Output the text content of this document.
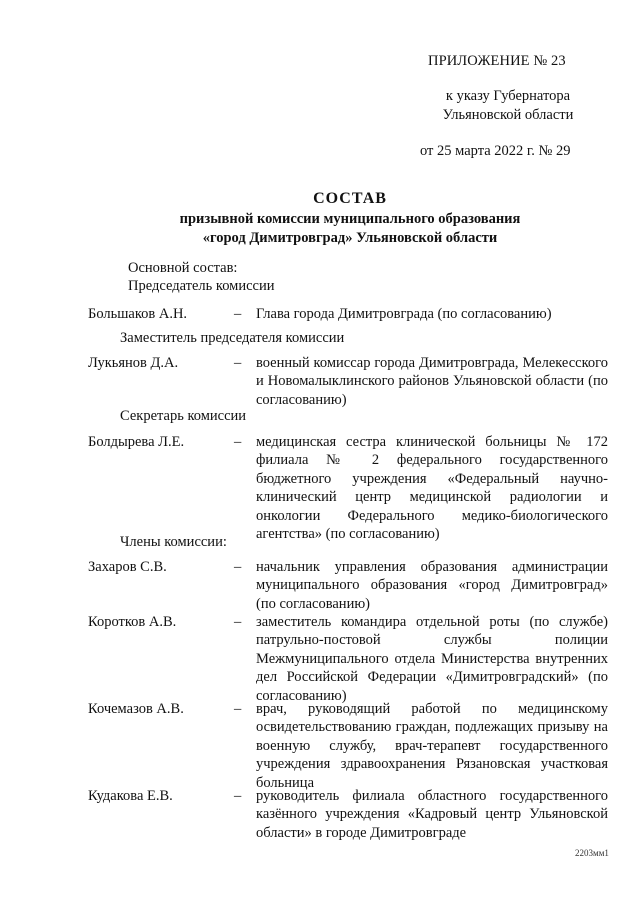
ПРИЛОЖЕНИЕ № 23
к указу Губернатора
Ульяновской области
от 25 марта 2022 г. № 29
СОСТАВ
призывной комиссии муниципального образования
«город Димитровград» Ульяновской области
Основной состав:
Председатель комиссии
Большаков А.Н.	– Глава города Димитровграда (по согласованию)
Заместитель председателя комиссии
Лукьянов Д.А.	– военный комиссар города Димитровграда, Мелекесского и Новомалыклинского районов Ульяновской области (по согласованию)
Секретарь комиссии
Болдырева Л.Е.	– медицинская сестра клинической больницы № 172 филиала № 2 федерального государственного бюджетного учреждения «Федеральный научно-клинический центр медицинской радиологии и онкологии Федерального медико-биологического агентства» (по согласованию)
Члены комиссии:
Захаров С.В.	– начальник управления образования администрации муниципального образования «город Димитровград» (по согласованию)
Коротков А.В.	– заместитель командира отдельной роты (по службе) патрульно-постовой службы полиции Межмуниципального отдела Министерства внутренних дел Российской Федерации «Димитровградский» (по согласованию)
Кочемазов А.В.	– врач, руководящий работой по медицинскому освидетельствованию граждан, подлежащих призыву на военную службу, врач-терапевт государственного учреждения здравоохранения Рязановская участковая больница
Кудакова Е.В.	– руководитель филиала областного государственного казённого учреждения «Кадровый центр Ульяновской области» в городе Димитровграде
2203мм1
